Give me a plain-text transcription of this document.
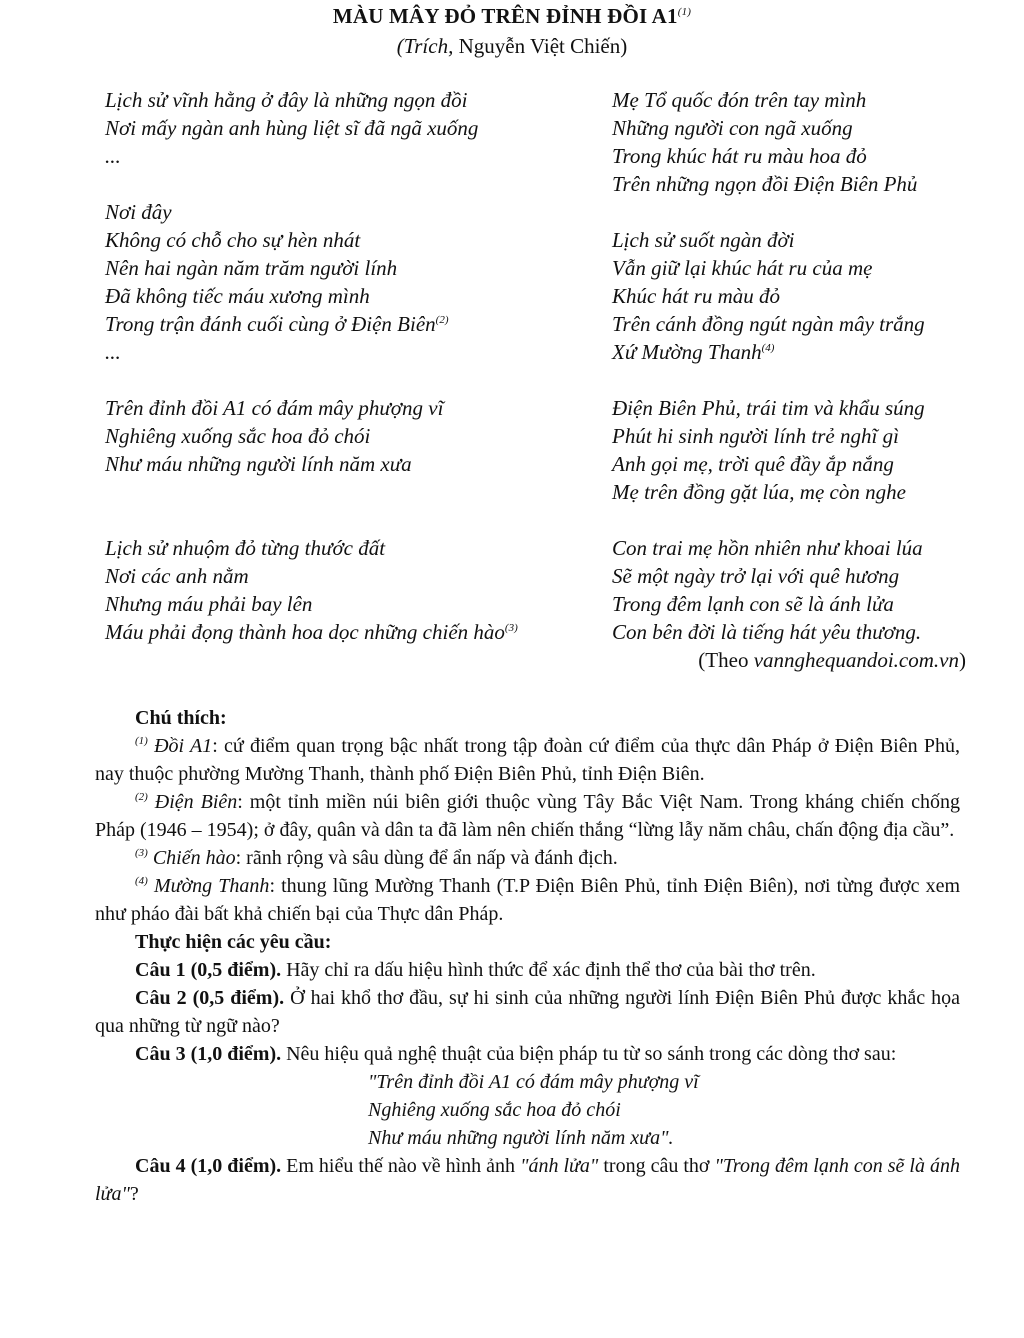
MÀU MÂY ĐỎ TRÊN ĐỈNH ĐỒI A1$^{(1)}$
(Trích, Nguyễn Việt Chiến)
Lịch sử vĩnh hằng ở đây là những ngọn đồi
Nơi mấy ngàn anh hùng liệt sĩ đã ngã xuống
...
Nơi đây
Không có chỗ cho sự hèn nhát
Nên hai ngàn năm trăm người lính
Đã không tiếc máu xương mình
Trong trận đánh cuối cùng ở Điện Biên$^{(2)}$
...
Trên đỉnh đồi A1 có đám mây phượng vĩ
Nghiêng xuống sắc hoa đỏ chói
Như máu những người lính năm xưa
Lịch sử nhuộm đỏ từng thước đất
Nơi các anh nằm
Nhưng máu phải bay lên
Máu phải đọng thành hoa dọc những chiến hào$^{(3)}$
Mẹ Tổ quốc đón trên tay mình
Những người con ngã xuống
Trong khúc hát ru màu hoa đỏ
Trên những ngọn đồi Điện Biên Phủ
Lịch sử suốt ngàn đời
Vẫn giữ lại khúc hát ru của mẹ
Khúc hát ru màu đỏ
Trên cánh đồng ngút ngàn mây trắng
Xứ Mường Thanh$^{(4)}$
Điện Biên Phủ, trái tim và khẩu súng
Phút hi sinh người lính trẻ nghĩ gì
Anh gọi mẹ, trời quê đầy ắp nắng
Mẹ trên đồng gặt lúa, mẹ còn nghe
Con trai mẹ hồn nhiên như khoai lúa
Sẽ một ngày trở lại với quê hương
Trong đêm lạnh con sẽ là ánh lửa
Con bên đời là tiếng hát yêu thương.
(Theo vannghequandoi.com.vn)

Chú thích:

$^{(1)}$ Đồi A1: cứ điểm quan trọng bậc nhất trong tập đoàn cứ điểm của thực dân Pháp ở Điện Biên Phủ, nay thuộc phường Mường Thanh, thành phố Điện Biên Phủ, tỉnh Điện Biên.

$^{(2)}$ Điện Biên: một tỉnh miền núi biên giới thuộc vùng Tây Bắc Việt Nam. Trong kháng chiến chống Pháp (1946 – 1954); ở đây, quân và dân ta đã làm nên chiến thắng “lừng lẫy năm châu, chấn động địa cầu”.

$^{(3)}$ Chiến hào: rãnh rộng và sâu dùng để ẩn nấp và đánh địch.

$^{(4)}$ Mường Thanh: thung lũng Mường Thanh (T.P Điện Biên Phủ, tỉnh Điện Biên), nơi từng được xem như pháo đài bất khả chiến bại của Thực dân Pháp.

Thực hiện các yêu cầu:

Câu 1 (0,5 điểm). Hãy chỉ ra dấu hiệu hình thức để xác định thể thơ của bài thơ trên.

Câu 2 (0,5 điểm). Ở hai khổ thơ đầu, sự hi sinh của những người lính Điện Biên Phủ được khắc họa qua những từ ngữ nào?

Câu 3 (1,0 điểm). Nêu hiệu quả nghệ thuật của biện pháp tu từ so sánh trong các dòng thơ sau:

"Trên đỉnh đồi A1 có đám mây phượng vĩ

Nghiêng xuống sắc hoa đỏ chói

Như máu những người lính năm xưa".

Câu 4 (1,0 điểm). Em hiểu thế nào về hình ảnh "ánh lửa" trong câu thơ "Trong đêm lạnh con sẽ là ánh lửa"?
